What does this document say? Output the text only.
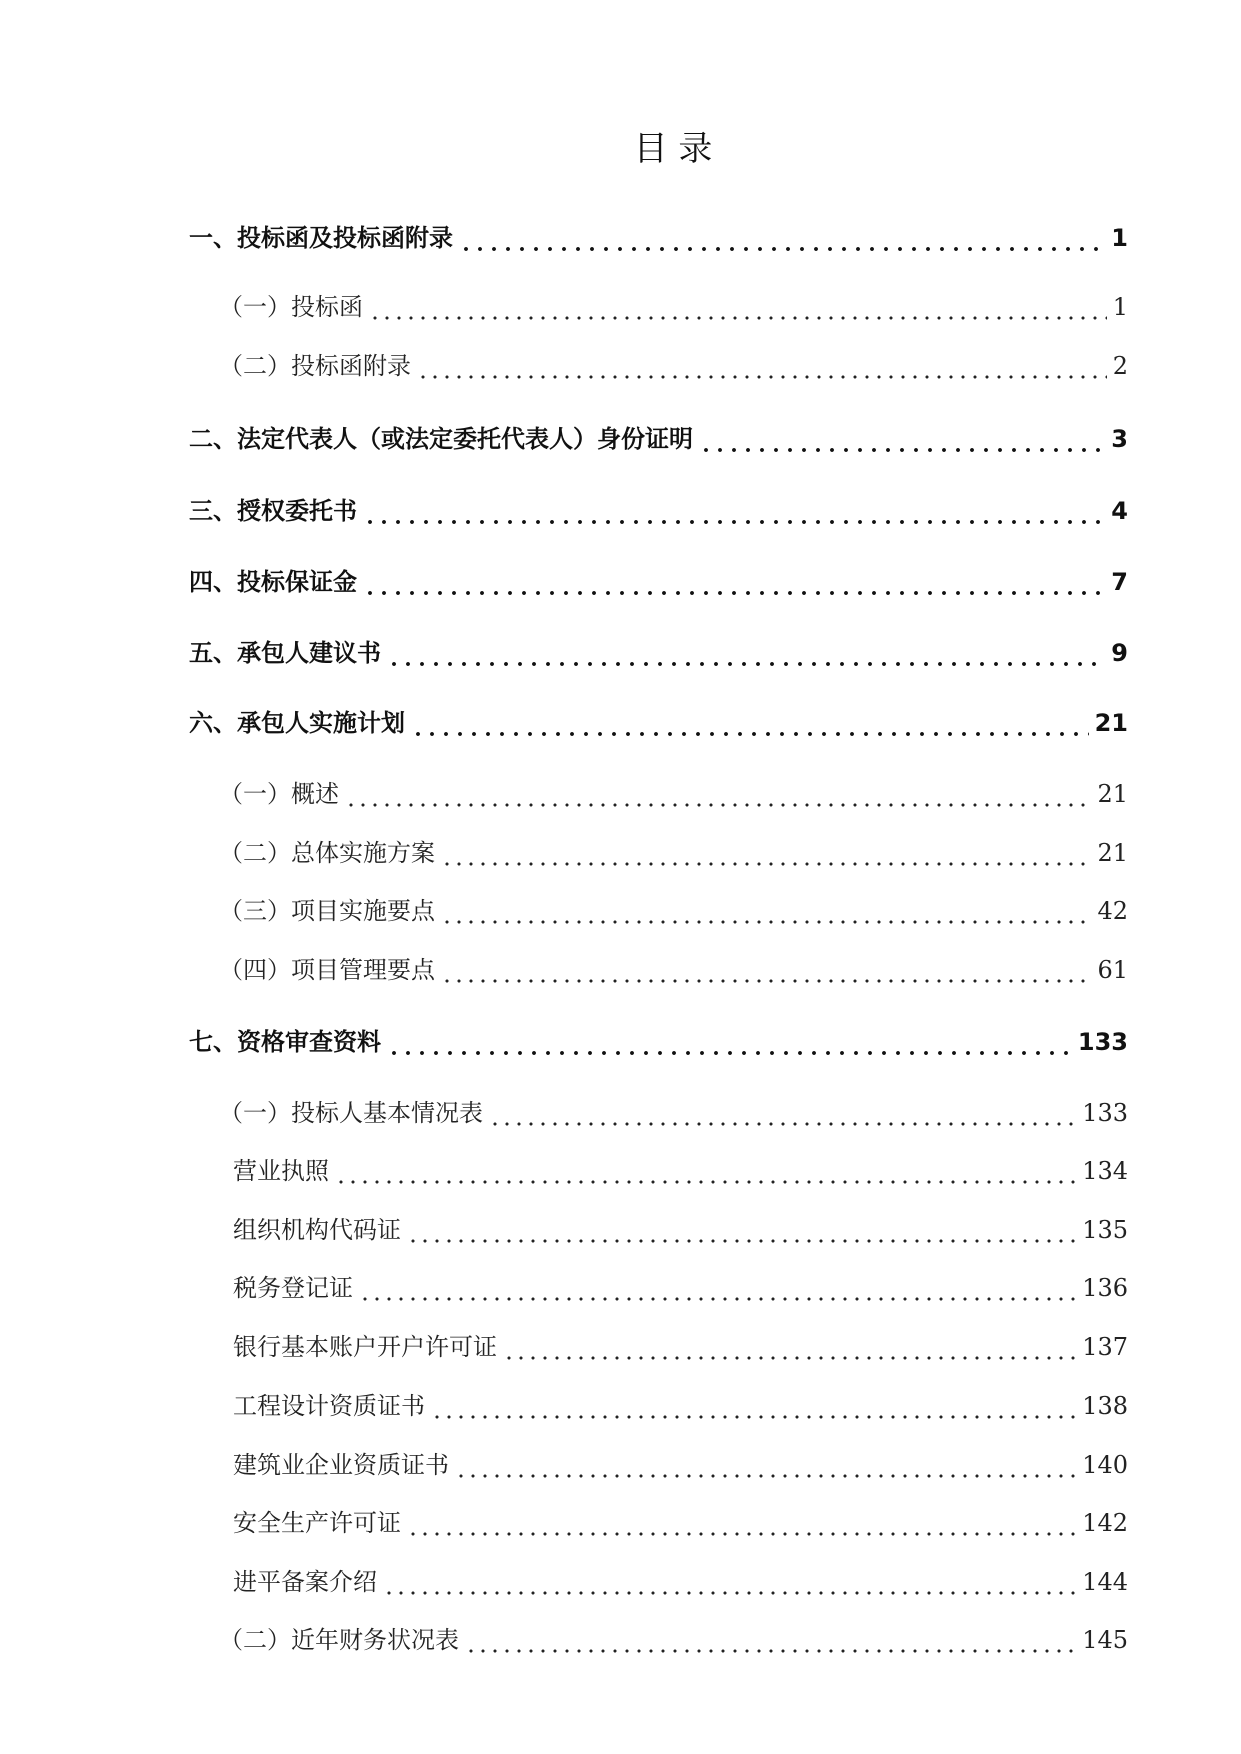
目 录
一、投标函及投标函附录	1
（一）投标函	1
（二）投标函附录	2
二、法定代表人（或法定委托代表人）身份证明	3
三、授权委托书	4
四、投标保证金	7
五、承包人建议书	9
六、承包人实施计划	21
（一）概述	21
（二）总体实施方案	21
（三）项目实施要点	42
（四）项目管理要点	61
七、资格审查资料	133
（一）投标人基本情况表	133
营业执照	134
组织机构代码证	135
税务登记证	136
银行基本账户开户许可证	137
工程设计资质证书	138
建筑业企业资质证书	140
安全生产许可证	142
进平备案介绍	144
（二）近年财务状况表	145
